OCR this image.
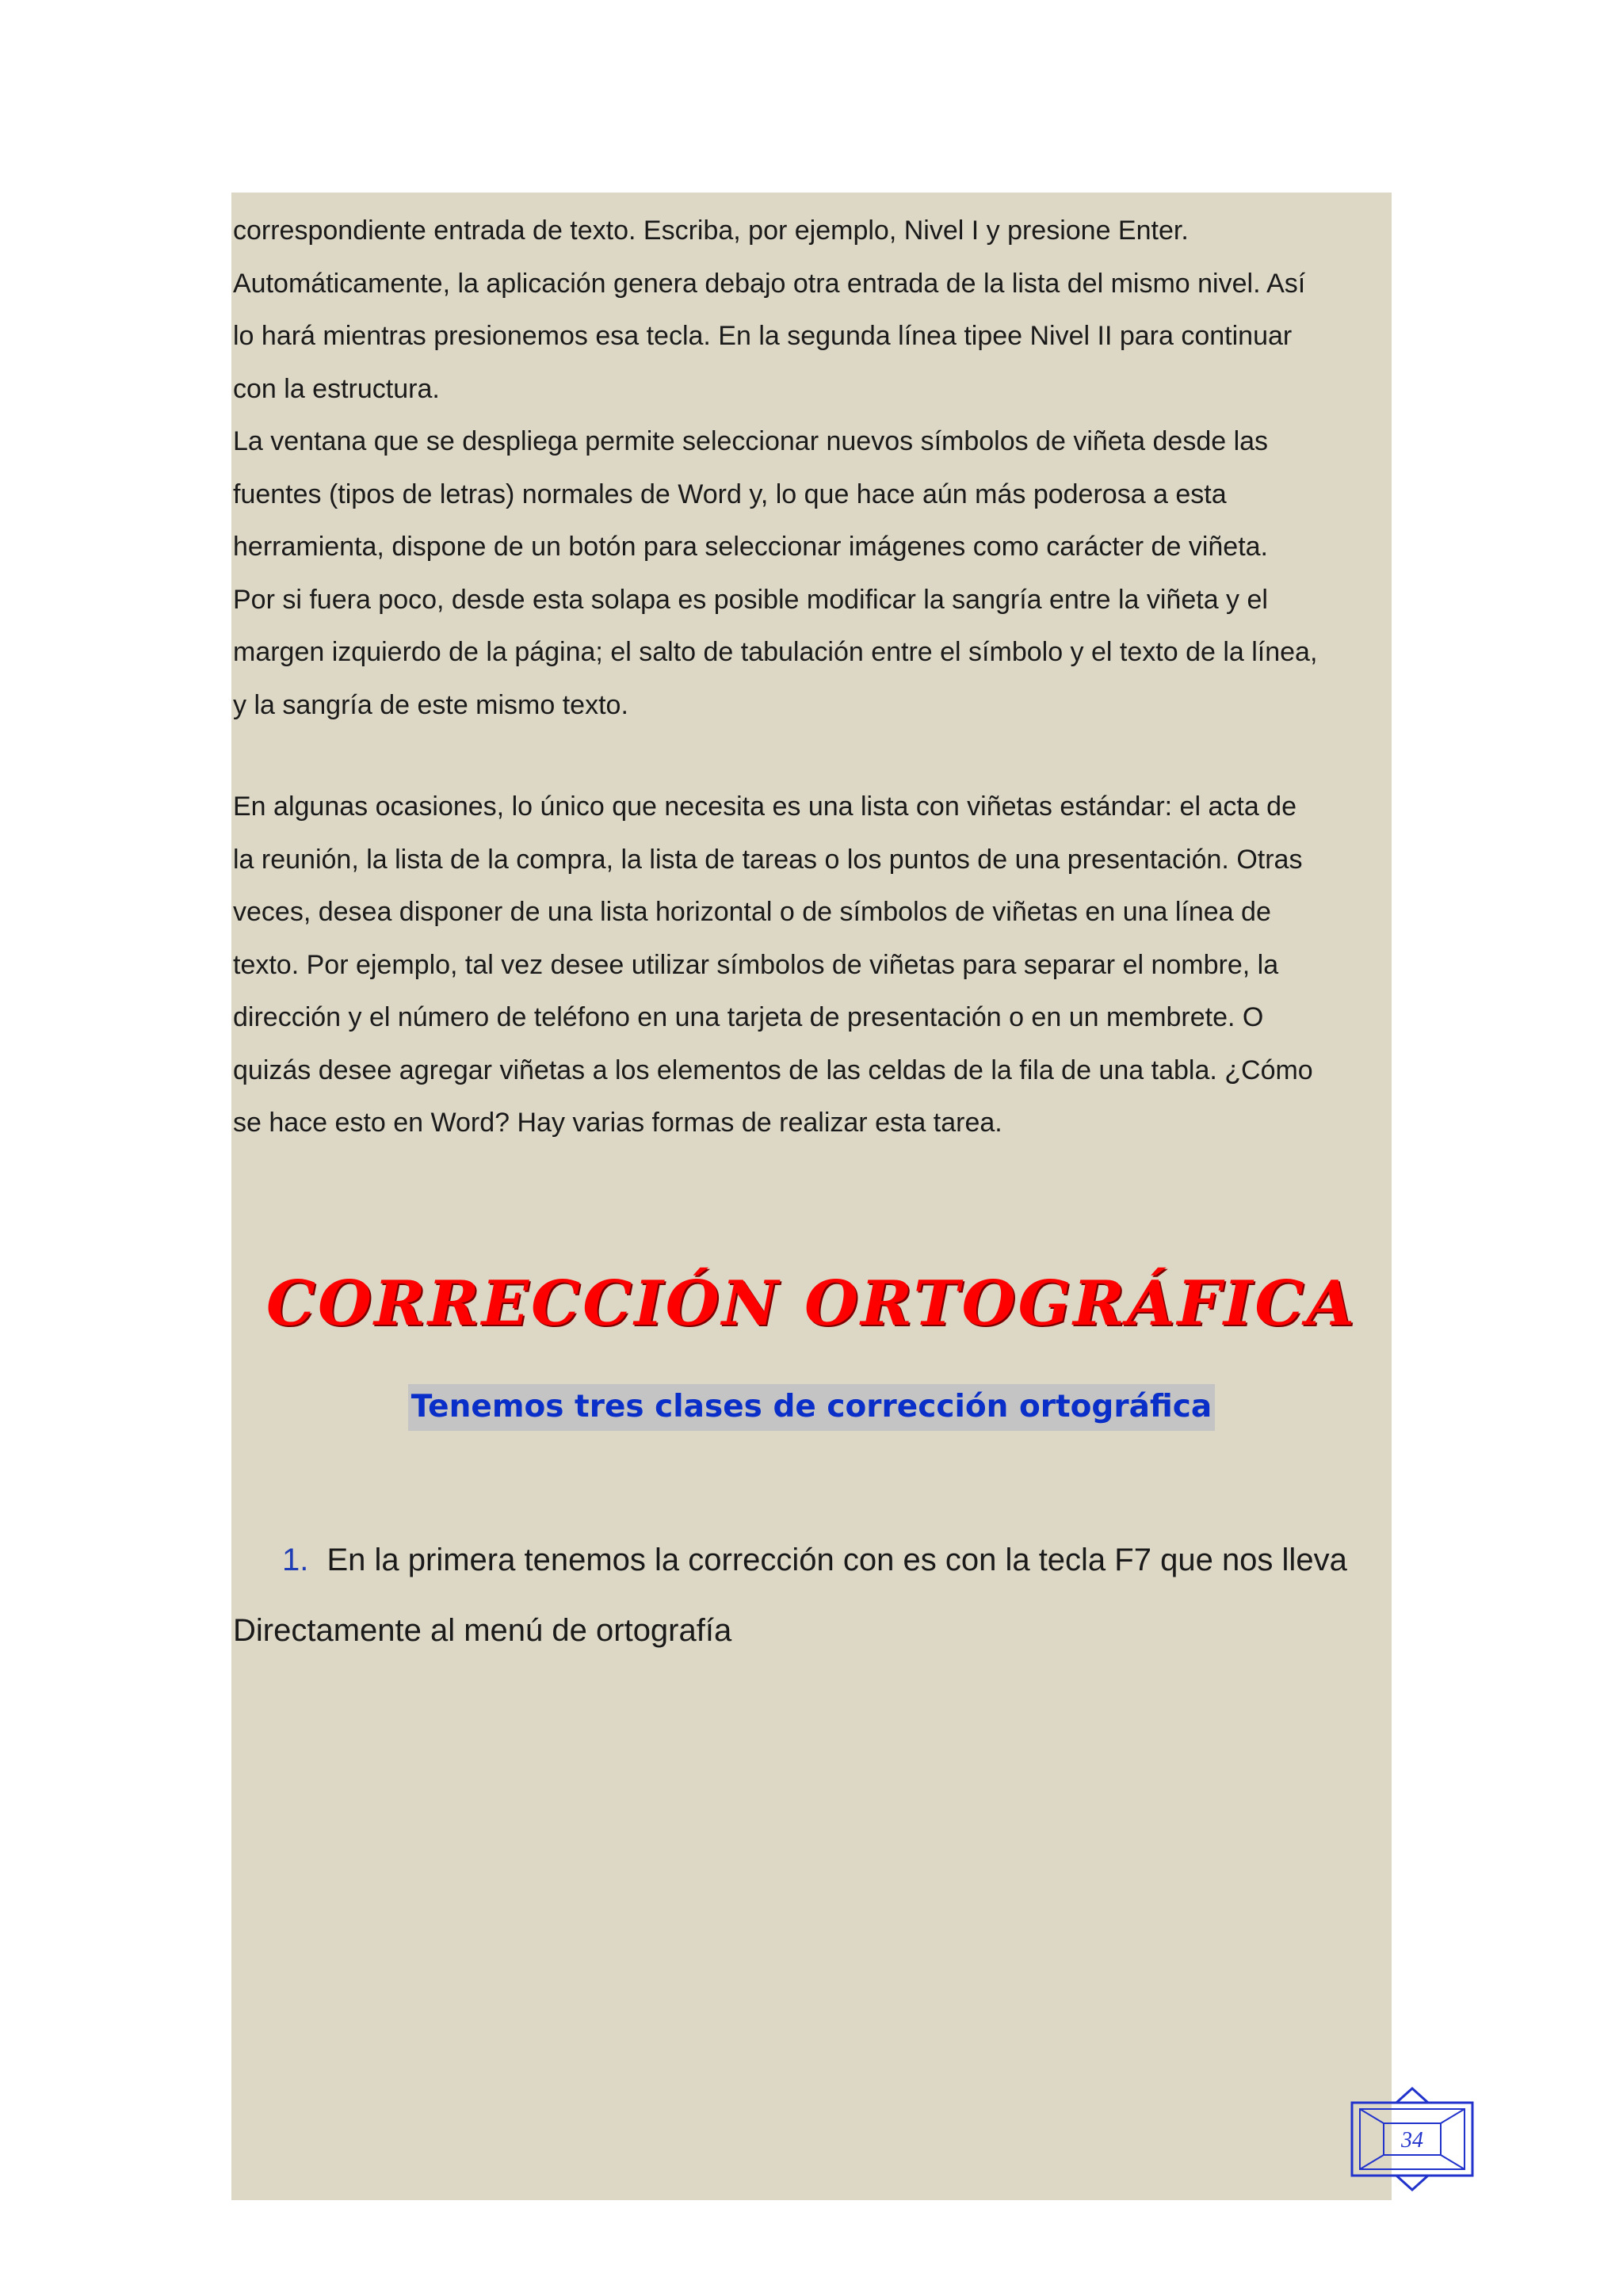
correspondiente entrada de texto. Escriba, por ejemplo, Nivel I y presione Enter.
Automáticamente, la aplicación genera debajo otra entrada de la lista del mismo nivel. Así
lo hará mientras presionemos esa tecla. En la segunda línea tipee Nivel II para continuar
con la estructura.
La ventana que se despliega permite seleccionar nuevos símbolos de viñeta desde las
fuentes (tipos de letras) normales de Word y, lo que hace aún más poderosa a esta
herramienta, dispone de un botón para seleccionar imágenes como carácter de viñeta.
Por si fuera poco, desde esta solapa es posible modificar la sangría entre la viñeta y el
margen izquierdo de la página; el salto de tabulación entre el símbolo y el texto de la línea,
y la sangría de este mismo texto.
En algunas ocasiones, lo único que necesita es una lista con viñetas estándar: el acta de
la reunión, la lista de la compra, la lista de tareas o los puntos de una presentación. Otras
veces, desea disponer de una lista horizontal o de símbolos de viñetas en una línea de
texto. Por ejemplo, tal vez desee utilizar símbolos de viñetas para separar el nombre, la
dirección y el número de teléfono en una tarjeta de presentación o en un membrete. O
quizás desee agregar viñetas a los elementos de las celdas de la fila de una tabla. ¿Cómo
se hace esto en Word? Hay varias formas de realizar esta tarea.
CORRECCIÓN ORTOGRÁFICA
Tenemos tres clases de corrección ortográfica
1. En la primera tenemos la corrección con es con la tecla F7 que nos lleva
Directamente al menú de ortografía
34
